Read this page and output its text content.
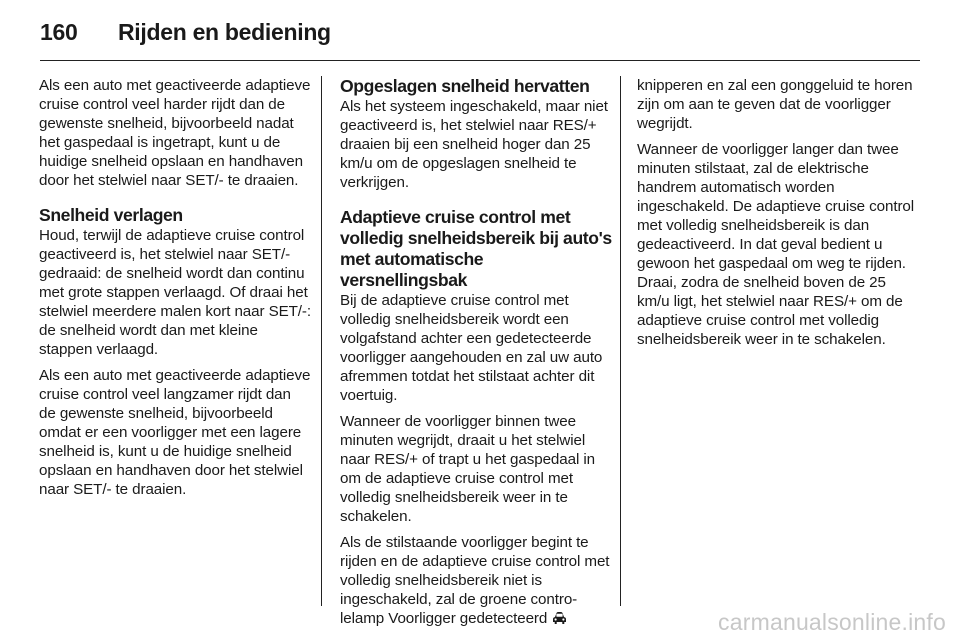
160	Rijden en bediening

Als een auto met geactiveerde adaptieve cruise control veel harder rijdt dan de gewenste snelheid, bijvoorbeeld nadat het gaspedaal is ingetrapt, kunt u de huidige snelheid opslaan en handhaven door het stelwiel naar SET/- te draaien.

Snelheid verlagen

Houd, terwijl de adaptieve cruise control geactiveerd is, het stelwiel naar SET/- gedraaid: de snelheid wordt dan continu met grote stappen verlaagd. Of draai het stelwiel meerdere malen kort naar SET/-: de snelheid wordt dan met kleine stappen verlaagd.

Als een auto met geactiveerde adaptieve cruise control veel langzamer rijdt dan de gewenste snelheid, bijvoorbeeld omdat er een voorligger met een lagere snelheid is, kunt u de huidige snelheid opslaan en handhaven door het stelwiel naar SET/- te draaien.

Opgeslagen snelheid hervatten

Als het systeem ingeschakeld, maar niet geactiveerd is, het stelwiel naar RES/+ draaien bij een snelheid hoger dan 25 km/u om de opgeslagen snelheid te verkrijgen.

Adaptieve cruise control met volledig snelheidsbereik bij auto's met automatische versnellingsbak

Bij de adaptieve cruise control met volledig snelheidsbereik wordt een volgafstand achter een gedetecteerde voorligger aangehouden en zal uw auto afremmen totdat het stilstaat achter dit voertuig.

Wanneer de voorligger binnen twee minuten wegrijdt, draait u het stelwiel naar RES/+ of trapt u het gaspedaal in om de adaptieve cruise control met volledig snelheidsbereik weer in te schakelen.

Als de stilstaande voorligger begint te rijden en de adaptieve cruise control met volledig snelheidsbereik niet is ingeschakeld, zal de groene controlelamp Voorligger gedetecteerd

knipperen en zal een gonggeluid te horen zijn om aan te geven dat de voorligger wegrijdt.

Wanneer de voorligger langer dan twee minuten stilstaat, zal de elektrische handrem automatisch worden ingeschakeld. De adaptieve cruise control met volledig snelheidsbereik is dan gedeactiveerd. In dat geval bedient u gewoon het gaspedaal om weg te rijden. Draai, zodra de snelheid boven de 25 km/u ligt, het stelwiel naar RES/+ om de adaptieve cruise control met volledig snelheidsbereik weer in te schakelen.

carmanualsonline.info
